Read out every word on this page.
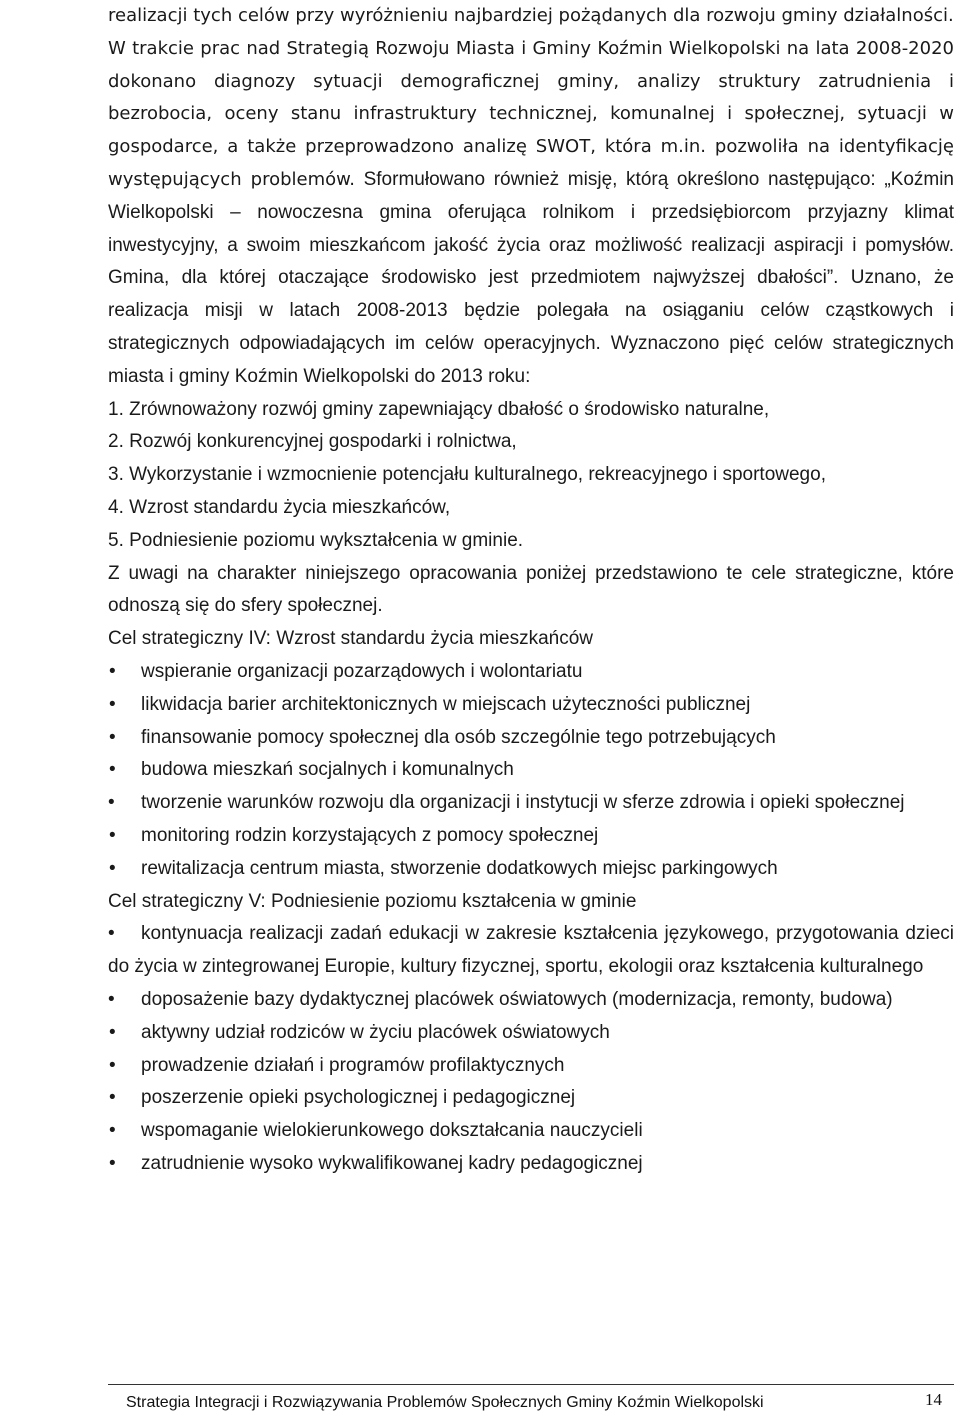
realizacji tych celów przy wyróżnieniu najbardziej pożądanych dla rozwoju gminy działalności.

W trakcie prac nad Strategią Rozwoju Miasta i Gminy Koźmin Wielkopolski na lata 2008-2020 dokonano diagnozy sytuacji demograficznej gminy, analizy struktury zatrudnienia i bezrobocia, oceny stanu infrastruktury technicznej, komunalnej i społecznej, sytuacji w gospodarce, a także przeprowadzono analizę SWOT, która m.in. pozwoliła na identyfikację występujących problemów. Sformułowano również misję, którą określono następująco: „Koźmin Wielkopolski – nowoczesna gmina oferująca rolnikom i przedsiębiorcom przyjazny klimat inwestycyjny, a swoim mieszkańcom jakość życia oraz możliwość realizacji aspiracji i pomysłów. Gmina, dla której otaczające środowisko jest przedmiotem najwyższej dbałości”. Uznano, że realizacja misji w latach 2008-2013 będzie polegała na osiąganiu celów cząstkowych i strategicznych odpowiadających im celów operacyjnych. Wyznaczono pięć celów strategicznych miasta i gminy Koźmin Wielkopolski do 2013 roku:

1. Zrównoważony rozwój gminy zapewniający dbałość o środowisko naturalne,

2. Rozwój konkurencyjnej gospodarki i rolnictwa,

3. Wykorzystanie i wzmocnienie potencjału kulturalnego, rekreacyjnego i sportowego,

4. Wzrost standardu życia mieszkańców,

5. Podniesienie poziomu wykształcenia w gminie.

Z uwagi na charakter niniejszego opracowania poniżej przedstawiono te cele strategiczne, które odnoszą się do sfery społecznej.

Cel strategiczny IV: Wzrost standardu życia mieszkańców

• wspieranie organizacji pozarządowych i wolontariatu

• likwidacja barier architektonicznych w miejscach użyteczności publicznej

• finansowanie pomocy społecznej dla osób szczególnie tego potrzebujących

• budowa mieszkań socjalnych i komunalnych

• tworzenie warunków rozwoju dla organizacji i instytucji w sferze zdrowia i opieki społecznej

• monitoring rodzin korzystających z pomocy społecznej

• rewitalizacja centrum miasta, stworzenie dodatkowych miejsc parkingowych

Cel strategiczny V: Podniesienie poziomu kształcenia w gminie

• kontynuacja realizacji zadań edukacji w zakresie kształcenia językowego, przygotowania dzieci do życia w zintegrowanej Europie, kultury fizycznej, sportu, ekologii oraz kształcenia kulturalnego

• doposażenie bazy dydaktycznej placówek oświatowych (modernizacja, remonty, budowa)

• aktywny udział rodziców w życiu placówek oświatowych

• prowadzenie działań i programów profilaktycznych

• poszerzenie opieki psychologicznej i pedagogicznej

• wspomaganie wielokierunkowego dokształcania nauczycieli

• zatrudnienie wysoko wykwalifikowanej kadry pedagogicznej

Strategia Integracji i Rozwiązywania Problemów Społecznych Gminy Koźmin Wielkopolski	14
